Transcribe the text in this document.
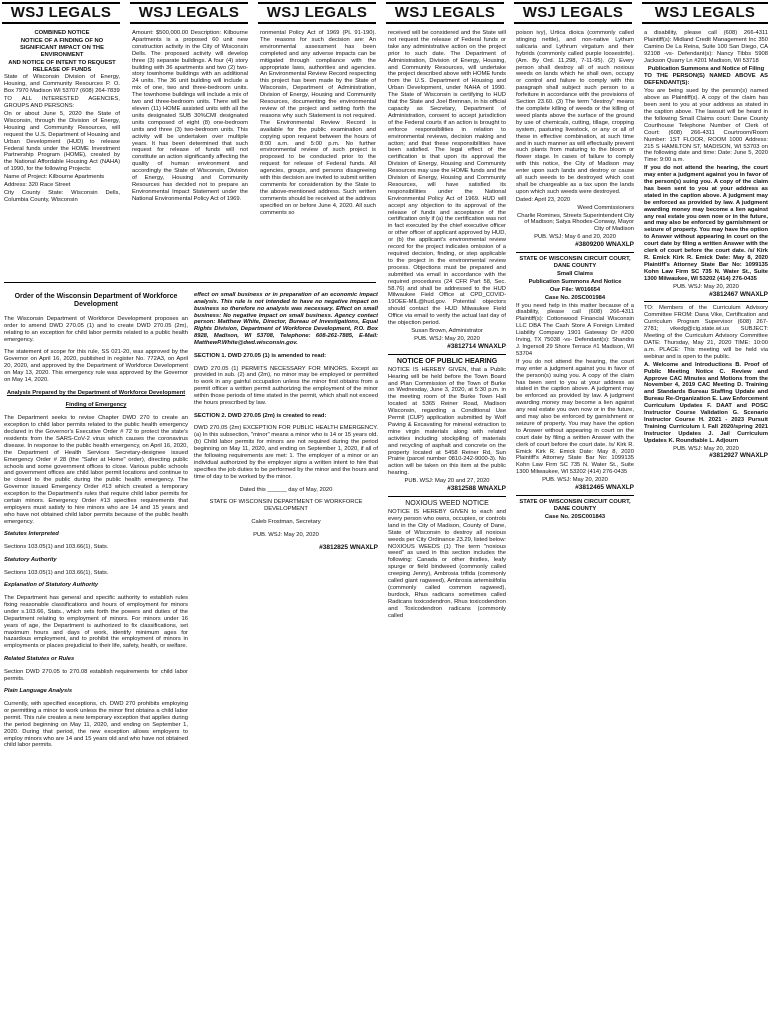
WSJ LEGALS	WSJ LEGALS	WSJ LEGALS	WSJ LEGALS	WSJ LEGALS	WSJ LEGALS

COMBINED NOTICE

NOTICE OF A FINDING OF NO SIGNIFICANT IMPACT ON THE ENVIRONMENT

AND NOTICE OF INTENT TO REQUEST RELEASE OF FUNDS

State of Wisconsin Division of Energy, Housing, and Community Resources P. O. Box 7970 Madison WI 53707 (608) 264-7839

TO ALL INTERESTED AGENCIES, GROUPS AND PERSONS:

On or about June 5, 2020 the State of Wisconsin, through the Division of Energy, Housing and Community Resources, will request the U.S. Department of Housing and Urban Development (HUD) to release Federal funds under the HOME Investment Partnership Program (HOME), created by the National Affordable Housing Act (NAHA) of 1990, for the following Projects:

Name of Project: Kilbourne Apartments

Address: 320 Race Street

City County State: Wisconsin Dells, Columbia County, Wisconsin

Amount: $500,000.00 Description: Kilbourne Apartments is a proposed 60 unit new construction activity in the City of Wisconsin Dells. The proposed activity will develop three (3) separate buildings. A four (4) story building with 36 apartments and two (2) two-story townhome buildings with an additional 24 units. The 36 unit building will include a mix of one, two and three-bedroom units. The townhome buildings will include a mix of two and three-bedroom units. There will be eleven (11) HOME assisted units with all the units designated SUB 30%CMI designated units composed of eight (8) one-bedroom units and three (3) two-bedroom units. This activity will be undertaken over multiple years. It has been determined that such request for release of funds will not constitute an action significantly affecting the quality of human environment and accordingly the State of Wisconsin, Division of Energy, Housing and Community Resources has decided not to prepare an Environmental Impact Statement under the National Environmental Policy Act of 1969.

ronmental Policy Act of 1969 (PL 91-190). The reasons for such decision are: An environmental assessment has been completed and any adverse impacts can be mitigated through compliance with the appropriate laws, authorities and agencies. An Environmental Review Record respecting this project has been made by the State of Wisconsin, Department of Administration, Division of Energy, Housing and Community Resources, documenting the environmental review of the project and setting forth the reasons why such Statement is not required. The Environmental Review Record is available for the public examination and copying upon request between the hours of 8:00 a.m. and 5:00 p.m. No further environmental review of such project is proposed to be conducted prior to the request for release of Federal funds. All agencies, groups, and persons disagreeing with this decision are invited to submit written comments for consideration by the State to the above-mentioned address. Such written comments should be received at the address specified on or before June 4, 2020. All such comments so

received will be considered and the State will not request the release of Federal funds or take any administrative action on the project prior to such date. The Department of Administration, Division of Energy, Housing, and Community Resources, will undertake the project described above with HOME funds from the U.S. Department of Housing and Urban Development, under NAHA of 1990. The State of Wisconsin is certifying to HUD that the State and Joel Brennan, in his official capacity as Secretary, Department of Administration, consent to accept jurisdiction of the Federal courts if an action is brought to enforce responsibilities in relation to environmental reviews, decision making and action; and that these responsibilities have been satisfied. The legal effect of the certification is that upon its approval the Division of Energy, Housing and Community Resources may use the HOME funds and the Division of Energy, Housing and Community Resources, will have satisfied its responsibilities under the National Environmental Policy Act of 1969. HUD will accept any objection to its approval of the release of funds and acceptance of the certification only if (a) the certification was not in fact executed by the chief executive officer or other officer of applicant approved by HUD, or (b) the applicant's environmental review record for the project indicates omission of a required decision, finding, or step applicable to the project in the environmental review process. Objections must be prepared and submitted via email in accordance with the required procedures (24 CFR Part 58, Sec. 58.76) and shall be addressed to the HUD Milwaukee Field Office at CPD_COVID-19OEE-MIL@hud.gov. Potential objectors should contact the HUD Milwaukee Field Office via email to verify the actual last day of the objection period.

Susan Brown, Administrator

PUB. WSJ: May 20, 2020

#3812714 WNAXLP

NOTICE OF PUBLIC HEARING

NOTICE IS HEREBY GIVEN, that a Public Hearing will be held before the Town Board and Plan Commission of the Town of Burke on Wednesday, June 3, 2020, at 5:30 p.m. in the meeting room of the Burke Town Hall located at 5365 Reiner Road, Madison Wisconsin, regarding a Conditional Use Permit (CUP) application submitted by Wolf Paving & Excavating for mineral extraction to mine virgin materials along with related activities including stockpiling of materials and recycling of asphalt and concrete on the property located at 5458 Reiner Rd, Sun Prairie (parcel number 0810-242-9000-3). No action will be taken on this item at the public hearing.

PUB. WSJ: May 20 and 27, 2020

#3812588 WNAXLP

NOXIOUS WEED NOTICE

NOTICE IS HEREBY GIVEN to each and every person who owns, occupies, or controls land in the City of Madison, County of Dane, State of Wisconsin to destroy all noxious weeds per City Ordinance 23.29, listed below: NOXIOUS WEEDS (1) The term "noxious weed" as used in this section includes the following: Canada or other thistles, leafy spurge or field bindweed (commonly called creeping Jenny), Ambrosia trifida (commonly called giant ragweed), Ambrosia artemisiifolia (commonly called common ragweed), burdock, Rhus radicans sometimes called Radicans toxicodendron, Rhus toxicodendron and Toxicodendron radicans (commonly called

poison ivy), Urtica dioica (commonly called stinging nettle), and non-native Lythum salicaria and Lythrum virgatum and their hybrids (commonly called purple loosestrife). (Am. By Ord. 11,298, 7-11-95). (2) Every person shall destroy all of such noxious weeds on lands which he shall own, occupy or control and failure to comply with this paragraph shall subject such person to a forfeiture in accordance with the provisions of Section 23.60. (3) The term "destroy" means the complete killing of weeds or the killing of weed plants above the surface of the ground by use of chemicals, cutting, tillage, cropping system, pasturing livestock, or any or all of these in effective combination, at such time and in such manner as will effectually prevent such plants from maturing to the bloom or flower stage. In cases of failure to comply with this notice, the City of Madison may enter upon such lands and destroy or cause all such weeds to be destroyed which cost shall be chargeable as a tax upon the lands upon which such weeds were destroyed.

Dated: April 23, 2020

Weed Commissioners

Charlie Romines, Streets Superintendent City of Madison; Satya Rhodes-Conway, Mayor City of Madison

PUB. WSJ: May 6 and 20, 2020

#3809200 WNAXLP

STATE OF WISCONSIN CIRCUIT COURT, DANE COUNTY

Small Claims

Publication Summons And Notice

Our File: W016654

Case No. 20SC001984

If you need help in this matter because of a disability, please call (608) 266-4311 Plaintiff(s): Cottonwood Financial Wisconsin LLC DBA The Cash Store A Foreign Limited Liability Company 1901 Gateway Dr #200 Irving, TX 75038 -vs- Defendant(s): Shandra J. Ingersoll 29 Shore Terrace #1 Madison, WI 53704

If you do not attend the hearing, the court may enter a judgment against you in favor of the person(s) suing you. A copy of the claim has been sent to you at your address as stated in the caption above. A judgment may be enforced as provided by law. A judgment awarding money may become a lien against any real estate you own now or in the future, and may also be enforced by garnishment or seizure of property. You may have the option to Answer without appearing in court on the court date by filing a written Answer with the clerk of court before the court date. /s/ Kirk R. Emick Kirk R. Emick Date: May 8, 2020 Plaintiff's Attorney State Bar No: 1099135 Kohn Law Firm SC 735 N. Water St., Suite 1300 Milwaukee, WI 53202 (414) 276-0435

PUB. WSJ: May 20, 2020

#3812465 WNAXLP

STATE OF WISCONSIN CIRCUIT COURT, DANE COUNTY

Case No. 20SC001843

a disability, please call (608) 266-4311 Plaintiff(s): Midland Credit Management Inc 350 Camino De La Reina, Suite 100 San Diego, CA 92108 -vs- Defendant(s): Nancy Tibbs 5908 Jackson Quarry Ln #201 Madison, WI 53718

Publication Summons and Notice of Filing

TO THE PERSON(S) NAMED ABOVE AS DEFENDANT(S):

You are being sued by the person(s) named above as Plaintiff(s). A copy of the claim has been sent to you at your address as stated in the caption above. The lawsuit will be heard in the following Small Claims court: Dane County Courthouse Telephone Number of Clerk of Court: (608) 266-4311 Courtroom/Room Number: 1ST FLOOR, ROOM 1000 Address: 215 S HAMILTON ST, MADISON, WI 53703 on the following date and time: Date: June 5, 2020 Time: 9:00 a.m.

If you do not attend the hearing, the court may enter a judgment against you in favor of the person(s) suing you. A copy of the claim has been sent to you at your address as stated in the caption above. A judgment may be enforced as provided by law. A judgment awarding money may become a lien against any real estate you own now or in the future, and may also be enforced by garnishment or seizure of property. You may have the option to Answer without appearing in court on the court date by filing a written Answer with the clerk of court before the court date. /s/ Kirk R. Emick Kirk R. Emick Date: May 8, 2020 Plaintiff's Attorney State Bar No: 1099135 Kohn Law Firm SC 735 N. Water St., Suite 1300 Milwaukee, WI 53202 (414) 276-0435

PUB. WSJ: May 20, 2020

#3812467 WNAXLP

TO: Members of the Curriculum Advisory Committee FROM: Dana Vike, Certification and Curriculum Program Supervisor (608) 267-2781; vikedg@cig.state.wi.us SUBJECT: Meeting of the Curriculum Advisory Committee DATE: Thursday, May 21, 2020 TIME: 10:00 a.m. PLACE: This meeting will be held via webinar and is open to the public.

A. Welcome and Introductions B. Proof of Public Meeting Notice C. Review and Approve CAC Minutes and Motions from the November 4, 2019 CAC Meeting D. Training and Standards Bureau Staffing Update and Bureau Re-Organization E. Law Enforcement Curriculum Updates F. DAAT and POSC Instructor Course Validation G. Scenario Instructor Course H. 2021 - 2023 Pursuit Training Curriculum I. Fall 2020/spring 2021 Instructor Updates J. Jail Curriculum Updates K. Roundtable L. Adjourn

PUB. WSJ: May 20, 2020

#3812927 WNAXLP

Order of the Wisconsin Department of Workforce Development

The Wisconsin Department of Workforce Development proposes an order to amend DWD 270.05 (1) and to create DWD 270.05 (2m), relating to an exception for child labor permits related to a public health emergency.

The statement of scope for this rule, SS 021-20, was approved by the Governor on April 16, 2020, published in register No. 772A3, on April 20, 2020, and approved by the Department of Workforce Development on May 13, 2020. This emergency rule was approved by the Governor on May 14, 2020.

Analysis Prepared by the Department of Workforce Development

Finding of Emergency

The Department seeks to revise Chapter DWD 270 to create an exception to child labor permits related to the public health emergency declared in the Governor's Executive Order # 72 to protect the state's residents from the SARS-CoV-2 virus which causes the coronavirus disease. In response to the public health emergency, on April 16, 2020, the Department of Health Services Secretary-designee issued Emergency Order # 28 (the "Safer at Home" order), directing public schools and some government offices to close. Various public schools and government offices are child labor permit locations and continue to be closed to the public during the public health emergency. The Governor issued Emergency Order #13 which created a temporary exception to the Department's rules that require child labor permits for certain minors. Emergency Order #13 specifies requirements that employers must satisfy to hire minors who are 14 and 15 years and who have not obtained child labor permits because of the public health emergency.

Statutes Interpreted

Sections 103.05(1) and 103.66(1), Stats.

Statutory Authority

Sections 103.05(1) and 103.66(1), Stats.

Explanation of Statutory Authority

The Department has general and specific authority to establish rules fixing reasonable classifications and hours of employment for minors under s.103.66, Stats., which sets forth the powers and duties of the Department relating to employment of minors. For minors under 16 years of age, the Department is authorized to fix classifications, set maximum hours and days of work, identify minimum ages for hazardous employment, and to prohibit the employment of minors in employments or places prejudicial to their life, safety, health, or welfare.

Related Statutes or Rules

Section DWD 270.05 to 270.08 establish requirements for child labor permits.

Plain Language Analysis

Currently, with specified exceptions, ch. DWD 270 prohibits employing or permitting a minor to work unless the minor first obtains a child labor permit. This rule creates a new temporary exception that applies during the period beginning on May 11, 2020, and ending on September 1, 2020. During that period, the new exception allows employers to employ minors who are 14 and 15 years old and who have not obtained child labor permits.

effect on small business or in preparation of an economic impact analysis. This rule is not intended to have no negative impact on business so therefore no analysis was necessary. Effect on small business: No negative impact on small business. Agency contact person: Matthew White, Director, Bureau of Investigations, Equal Rights Division, Department of Workforce Development, P.O. Box 8928, Madison, WI 53708, Telephone: 608-261-7885, E-Mail: MatthewP.White@dwd.wisconsin.gov.

SECTION 1. DWD 270.05 (1) is amended to read:

DWD 270.05 (1) PERMITS NECESSARY FOR MINORS. Except as provided in sub. (2) and (2m), no minor may be employed or permitted to work in any gainful occupation unless the minor first obtains from a permit officer a written permit authorizing the employment of the minor within those periods of time stated in the permit, which shall not exceed the hours prescribed by law.

SECTION 2. DWD 270.05 (2m) is created to read:

DWD 270.05 (2m) EXCEPTION FOR PUBLIC HEALTH EMERGENCY. (a) In this subsection, "minor" means a minor who is 14 or 15 years old. (b) Child labor permits for minors are not required during the period beginning on May 11, 2020, and ending on September 1, 2020, if all of the following requirements are met: 1. The employer of a minor or an individual authorized by the employer signs a written intent to hire that specifies the job duties to be performed by the minor and the hours and time of day to be worked by the minor.

Dated this ______ day of May, 2020

STATE OF WISCONSIN DEPARTMENT OF WORKFORCE DEVELOPMENT

Caleb Frostman, Secretary

PUB. WSJ: May 20, 2020

#3812825 WNAXLP
